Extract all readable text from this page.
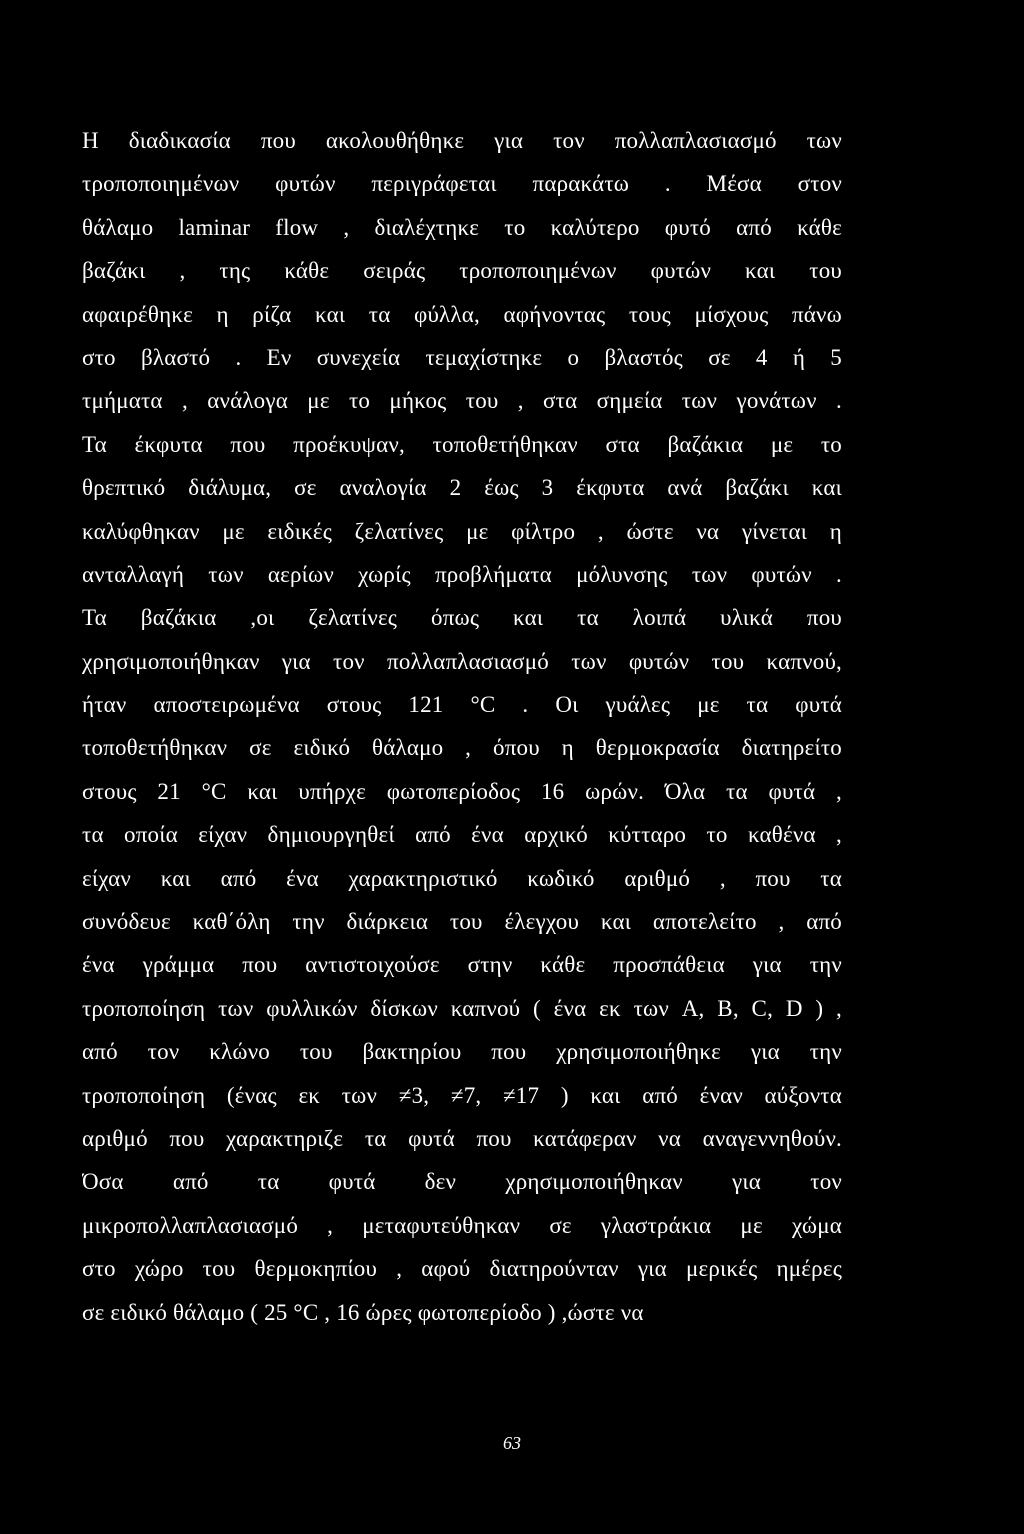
Η διαδικασία που ακολουθήθηκε για τον πολλαπλασιασμό των
τροποποιημένων φυτών περιγράφεται παρακάτω . Μέσα στον
θάλαμο laminar flow , διαλέχτηκε το καλύτερο φυτό από κάθε
βαζάκι , της κάθε σειράς τροποποιημένων φυτών και του
αφαιρέθηκε η ρίζα και τα φύλλα, αφήνοντας τους μίσχους πάνω
στο βλαστό . Εν συνεχεία τεμαχίστηκε ο βλαστός σε 4 ή 5
τμήματα , ανάλογα με το μήκος του , στα σημεία των γονάτων .
Τα έκφυτα που προέκυψαν, τοποθετήθηκαν στα βαζάκια με το
θρεπτικό διάλυμα, σε αναλογία 2 έως 3 έκφυτα ανά βαζάκι και
καλύφθηκαν με ειδικές ζελατίνες με φίλτρο , ώστε να γίνεται η
ανταλλαγή των αερίων χωρίς προβλήματα μόλυνσης των φυτών .
Τα βαζάκια ,οι ζελατίνες όπως και τα λοιπά υλικά που
χρησιμοποιήθηκαν για τον πολλαπλασιασμό των φυτών του καπνού,
ήταν αποστειρωμένα στους 121 °C . Οι γυάλες με τα φυτά
τοποθετήθηκαν σε ειδικό θάλαμο , όπου η θερμοκρασία διατηρείτο
στους 21 °C και υπήρχε φωτοπερίοδος 16 ωρών. Όλα τα φυτά ,
τα οποία είχαν δημιουργηθεί από ένα αρχικό κύτταρο το καθένα ,
είχαν και από ένα χαρακτηριστικό κωδικό αριθμό , που τα
συνόδευε καθ΄όλη την διάρκεια του έλεγχου και αποτελείτο , από
ένα γράμμα που αντιστοιχούσε στην κάθε προσπάθεια για την
τροποποίηση των φυλλικών δίσκων καπνού ( ένα εκ των A, B, C, D ) ,
από τον κλώνο του βακτηρίου που χρησιμοποιήθηκε για την
τροποποίηση (ένας εκ των ≠3, ≠7, ≠17 ) και από έναν αύξοντα
αριθμό που χαρακτηριζε τα φυτά που κατάφεραν να αναγεννηθούν.
Όσα από τα φυτά δεν χρησιμοποιήθηκαν για τον
μικροπολλαπλασιασμό , μεταφυτεύθηκαν σε γλαστράκια με χώμα
στο χώρο του θερμοκηπίου , αφού διατηρούνταν για μερικές ημέρες
σε ειδικό θάλαμο ( 25 °C , 16 ώρες φωτοπερίοδο ) ,ώστε να
63
